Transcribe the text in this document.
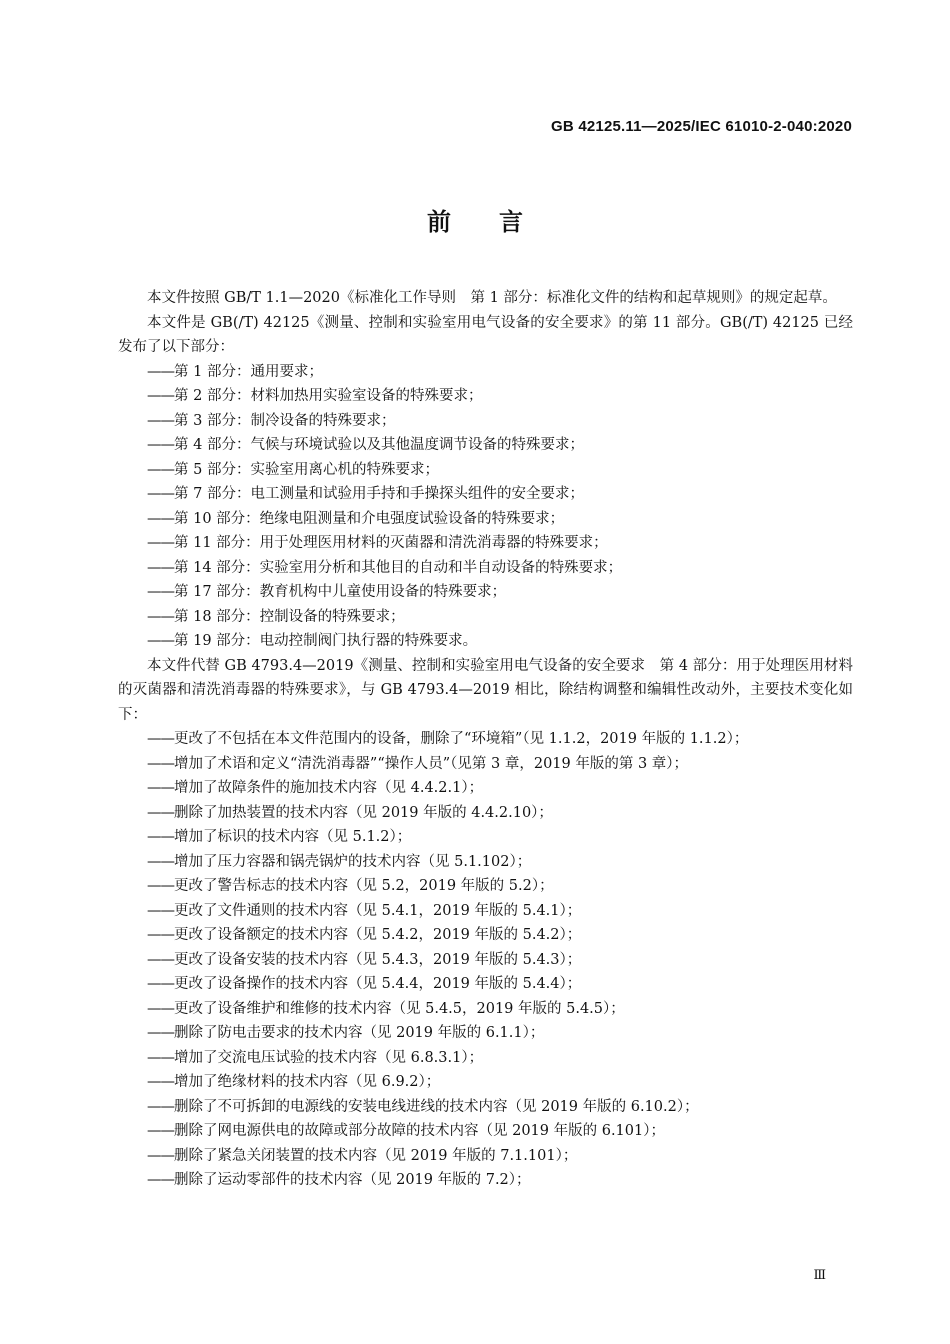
GB 42125.11—2025/IEC 61010-2-040:2020
前言

本文件按照 GB/T 1.1—2020《标准化工作导则　第 1 部分：标准化文件的结构和起草规则》的规定起草。

本文件是 GB(/T) 42125《测量、控制和实验室用电气设备的安全要求》的第 11 部分。GB(/T) 42125 已经发布了以下部分：

——第 1 部分：通用要求；

——第 2 部分：材料加热用实验室设备的特殊要求；

——第 3 部分：制冷设备的特殊要求；

——第 4 部分：气候与环境试验以及其他温度调节设备的特殊要求；

——第 5 部分：实验室用离心机的特殊要求；

——第 7 部分：电工测量和试验用手持和手操探头组件的安全要求；

——第 10 部分：绝缘电阻测量和介电强度试验设备的特殊要求；

——第 11 部分：用于处理医用材料的灭菌器和清洗消毒器的特殊要求；

——第 14 部分：实验室用分析和其他目的自动和半自动设备的特殊要求；

——第 17 部分：教育机构中儿童使用设备的特殊要求；

——第 18 部分：控制设备的特殊要求；

——第 19 部分：电动控制阀门执行器的特殊要求。

本文件代替 GB 4793.4—2019《测量、控制和实验室用电气设备的安全要求　第 4 部分：用于处理医用材料的灭菌器和清洗消毒器的特殊要求》，与 GB 4793.4—2019 相比，除结构调整和编辑性改动外，主要技术变化如下：

——更改了不包括在本文件范围内的设备，删除了“环境箱”（见 1.1.2，2019 年版的 1.1.2）；

——增加了术语和定义“清洗消毒器”“操作人员”（见第 3 章，2019 年版的第 3 章）；

——增加了故障条件的施加技术内容（见 4.4.2.1）；

——删除了加热装置的技术内容（见 2019 年版的 4.4.2.10）；

——增加了标识的技术内容（见 5.1.2）；

——增加了压力容器和锅壳锅炉的技术内容（见 5.1.102）；

——更改了警告标志的技术内容（见 5.2，2019 年版的 5.2）；

——更改了文件通则的技术内容（见 5.4.1，2019 年版的 5.4.1）；

——更改了设备额定的技术内容（见 5.4.2，2019 年版的 5.4.2）；

——更改了设备安装的技术内容（见 5.4.3，2019 年版的 5.4.3）；

——更改了设备操作的技术内容（见 5.4.4，2019 年版的 5.4.4）；

——更改了设备维护和维修的技术内容（见 5.4.5，2019 年版的 5.4.5）；

——删除了防电击要求的技术内容（见 2019 年版的 6.1.1）；

——增加了交流电压试验的技术内容（见 6.8.3.1）；

——增加了绝缘材料的技术内容（见 6.9.2）；

——删除了不可拆卸的电源线的安装电线进线的技术内容（见 2019 年版的 6.10.2）；

——删除了网电源供电的故障或部分故障的技术内容（见 2019 年版的 6.101）；

——删除了紧急关闭装置的技术内容（见 2019 年版的 7.1.101）；

——删除了运动零部件的技术内容（见 2019 年版的 7.2）；

Ⅲ
